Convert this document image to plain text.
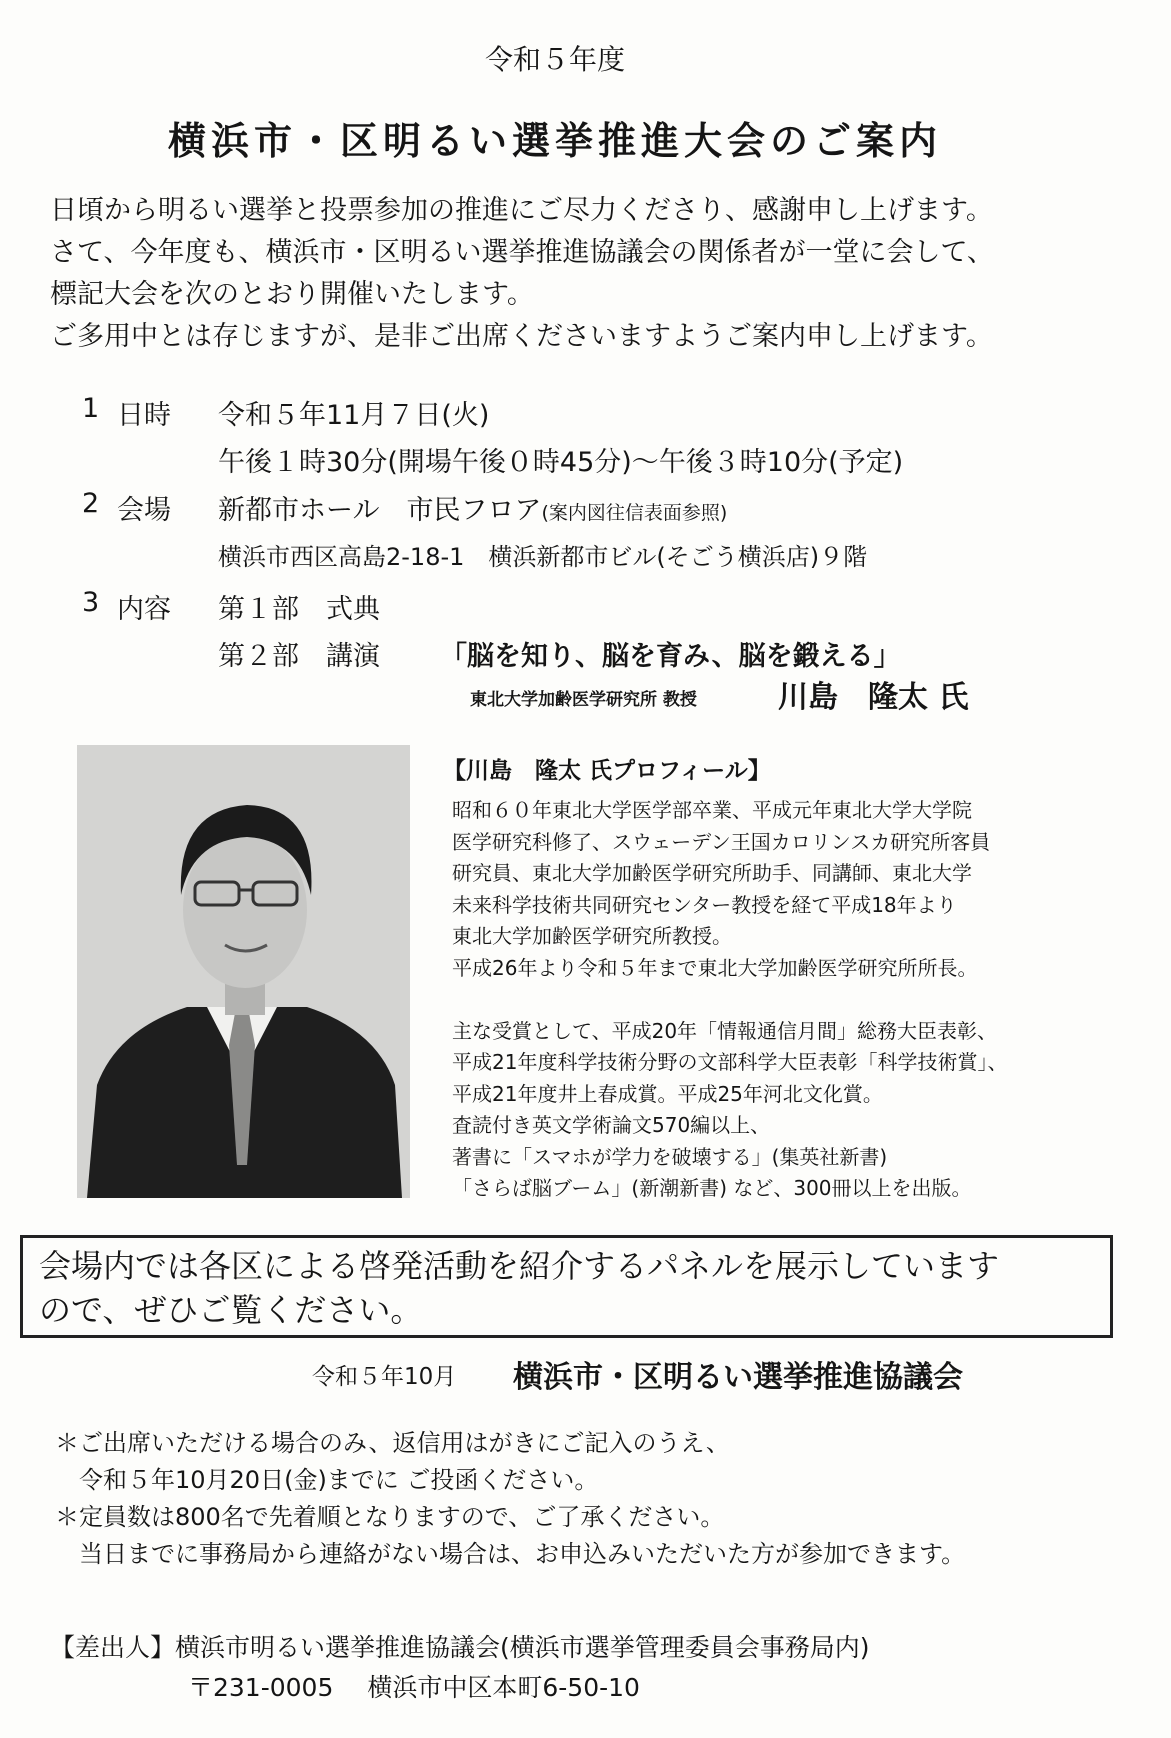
令和５年度
横浜市・区明るい選挙推進大会のご案内
日頃から明るい選挙と投票参加の推進にご尽力くださり、感謝申し上げます。
さて、今年度も、横浜市・区明るい選挙推進協議会の関係者が一堂に会して、
標記大会を次のとおり開催いたします。
ご多用中とは存じますが、是非ご出席くださいますようご案内申し上げます。
1 日時 令和５年11月７日(火)
午後１時30分(開場午後０時45分)～午後３時10分(予定)
2 会場 新都市ホール　市民フロア(案内図往信表面参照)
横浜市西区高島2-18-1　横浜新都市ビル(そごう横浜店)９階
3 内容 第１部　式典
第２部　講演 「脳を知り、脳を育み、脳を鍛える」
東北大学加齢医学研究所 教授	川島　隆太 氏
【川島　隆太 氏プロフィール】
昭和６０年東北大学医学部卒業、平成元年東北大学大学院
医学研究科修了、スウェーデン王国カロリンスカ研究所客員
研究員、東北大学加齢医学研究所助手、同講師、東北大学
未来科学技術共同研究センター教授を経て平成18年より
東北大学加齢医学研究所教授。
平成26年より令和５年まで東北大学加齢医学研究所所長。
主な受賞として、平成20年「情報通信月間」総務大臣表彰、
平成21年度科学技術分野の文部科学大臣表彰「科学技術賞」、
平成21年度井上春成賞。平成25年河北文化賞。
査読付き英文学術論文570編以上、
著書に「スマホが学力を破壊する」(集英社新書)
「さらば脳ブーム」(新潮新書) など、300冊以上を出版。
会場内では各区による啓発活動を紹介するパネルを展示しています
ので、ぜひご覧ください。
令和５年10月 横浜市・区明るい選挙推進協議会
＊ご出席いただける場合のみ、返信用はがきにご記入のうえ、
　令和５年10月20日(金)までに ご投函ください。
＊定員数は800名で先着順となりますので、ご了承ください。
　当日までに事務局から連絡がない場合は、お申込みいただいた方が参加できます。
【差出人】横浜市明るい選挙推進協議会(横浜市選挙管理委員会事務局内)
〒231-0005 横浜市中区本町6-50-10
